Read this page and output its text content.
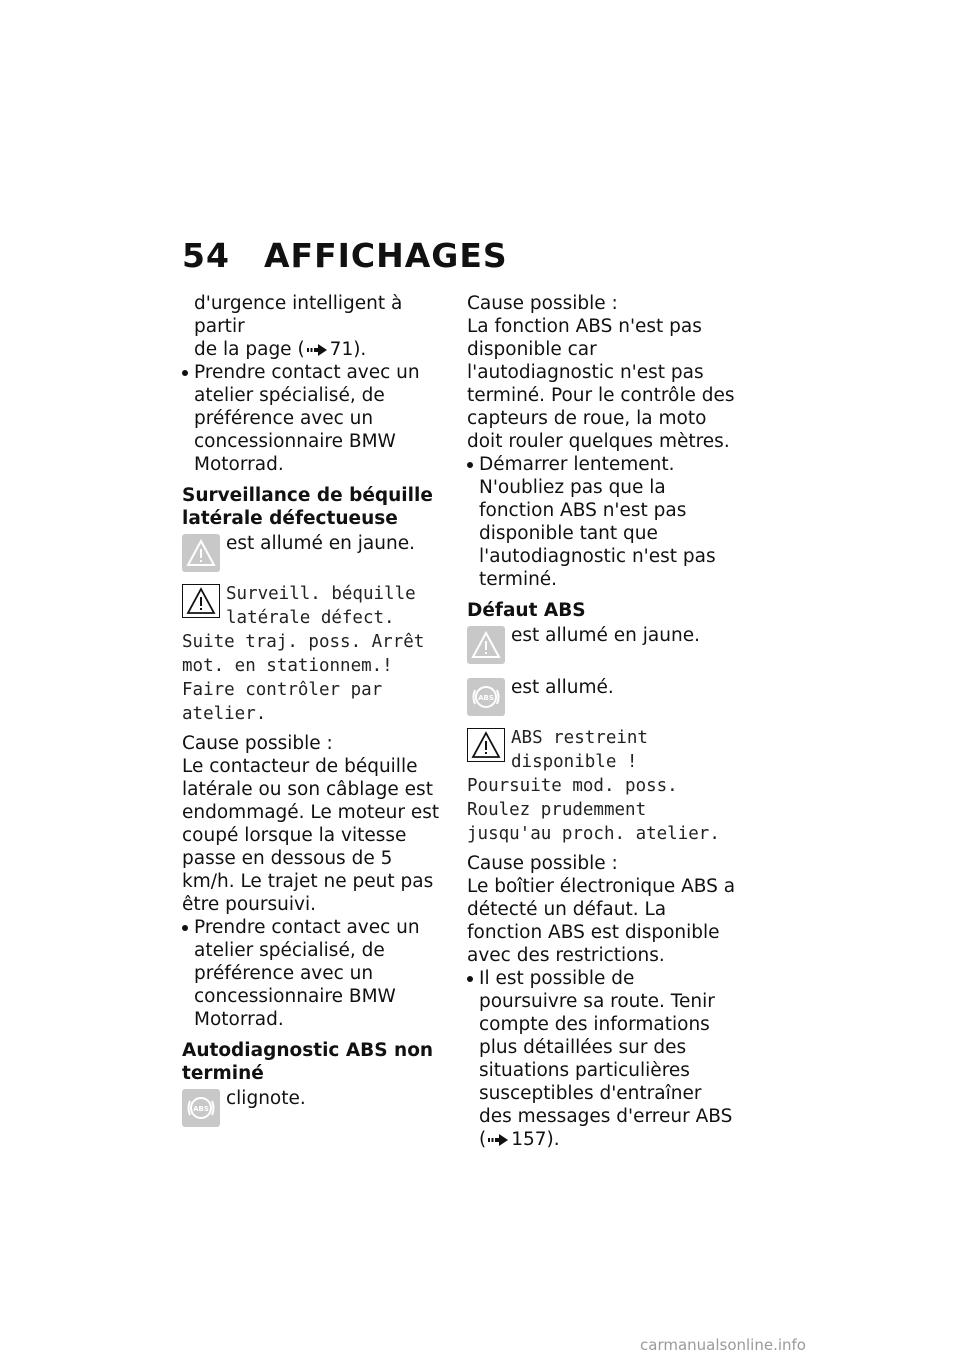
54 AFFICHAGES

d'urgence intelligent à partir

de la page ( 71).

Prendre contact avec un atelier spécialisé, de préférence avec un concessionnaire BMW Motorrad.

Surveillance de béquille latérale défectueuse

est allumé en jaune.
Surveill. béquille latérale défect. Suite traj. poss. Arrêt mot. en stationnem.! Faire contrôler par atelier.

Cause possible :

Le contacteur de béquille latérale ou son câblage est endommagé. Le moteur est coupé lorsque la vitesse passe en dessous de 5 km/h. Le trajet ne peut pas être poursuivi.

Prendre contact avec un atelier spécialisé, de préférence avec un concessionnaire BMW Motorrad.

Autodiagnostic ABS non terminé

ABS clignote.

Cause possible :

La fonction ABS n'est pas disponible car l'autodiagnostic n'est pas terminé. Pour le contrôle des capteurs de roue, la moto doit rouler quelques mètres.

Démarrer lentement. N'oubliez pas que la fonction ABS n'est pas disponible tant que l'autodiagnostic n'est pas terminé.

Défaut ABS

est allumé en jaune.
ABS est allumé.
ABS restreint disponible ! Poursuite mod. poss. Roulez prudemment jusqu'au proch. atelier.

Cause possible :

Le boîtier électronique ABS a détecté un défaut. La fonction ABS est disponible avec des restrictions.

Il est possible de poursuivre sa route. Tenir compte des informations plus détaillées sur des situations particulières susceptibles d'entraîner des messages d'erreur ABS ( 157).

carmanualsonline.info
